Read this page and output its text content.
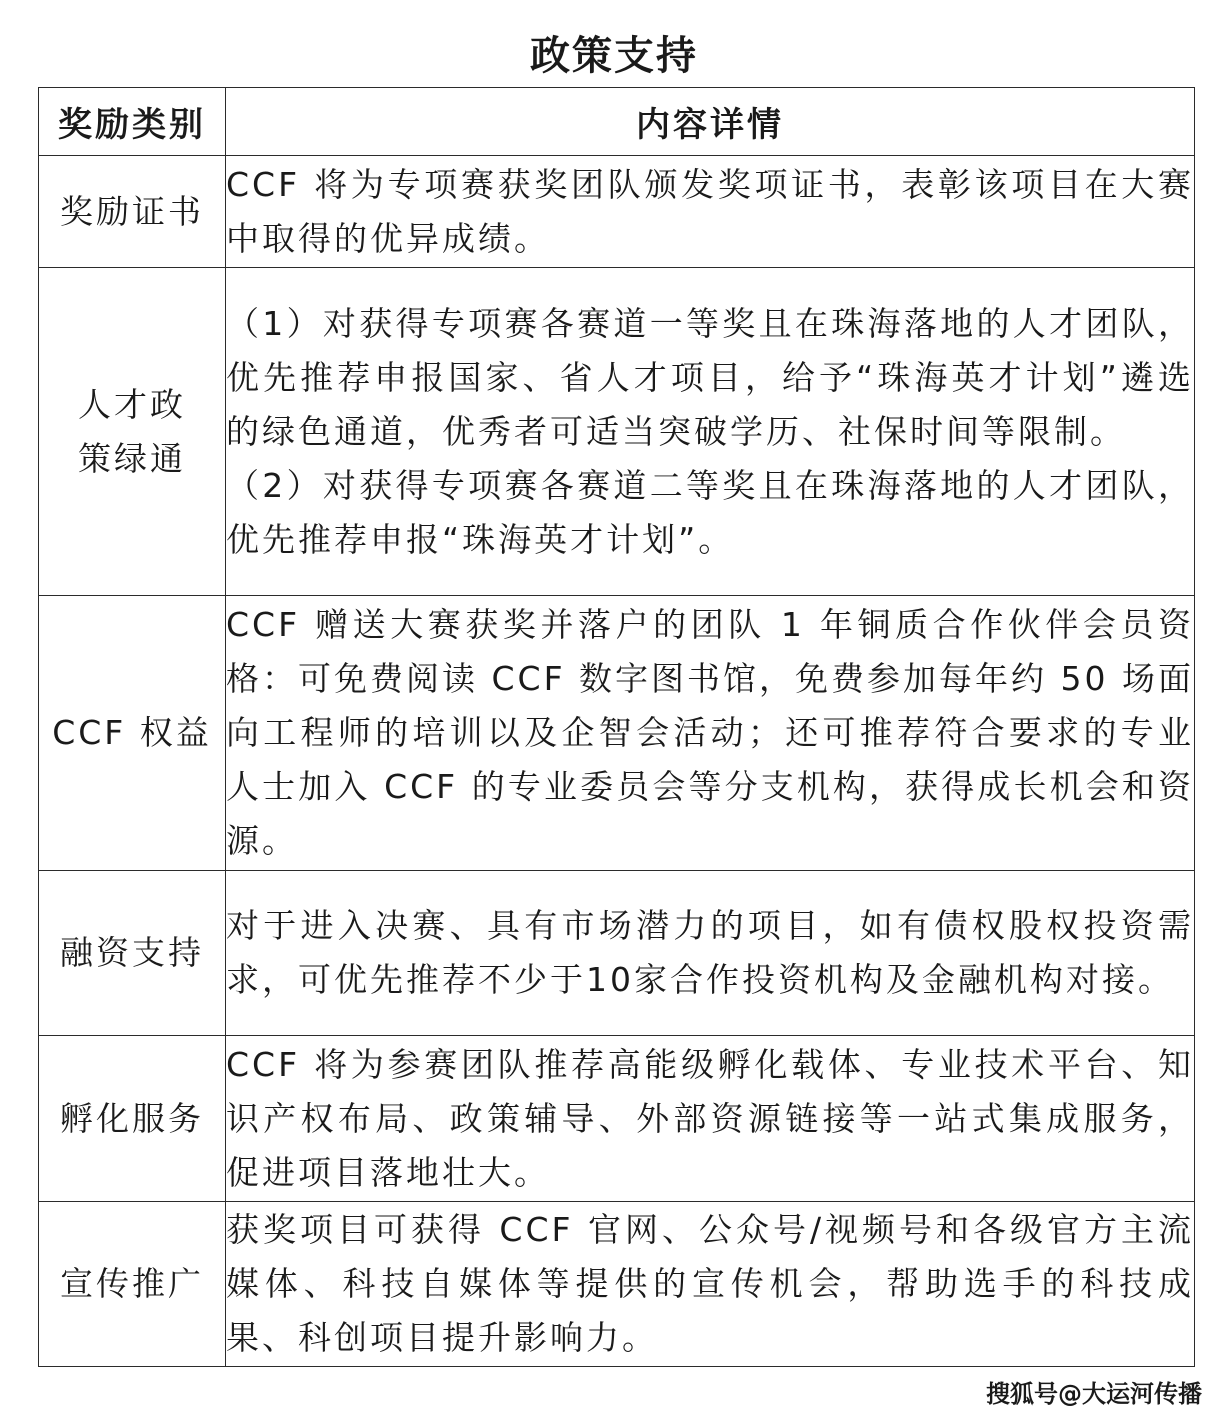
政策支持
奖励类别	内容详情
奖励证书	CCF 将为专项赛获奖团队颁发奖项证书，表彰该项目在大赛中取得的优异成绩。

人才政策绿通	（1）对获得专项赛各赛道一等奖且在珠海落地的人才团队，优先推荐申报国家、省人才项目，给予“珠海英才计划”遴选的绿色通道，优秀者可适当突破学历、社保时间等限制。

（2）对获得专项赛各赛道二等奖且在珠海落地的人才团队，优先推荐申报“珠海英才计划”。

CCF 权益	CCF 赠送大赛获奖并落户的团队 1 年铜质合作伙伴会员资格：可免费阅读 CCF 数字图书馆，免费参加每年约 50 场面向工程师的培训以及企智会活动；还可推荐符合要求的专业人士加入 CCF 的专业委员会等分支机构，获得成长机会和资源。

融资支持	对于进入决赛、具有市场潜力的项目，如有债权股权投资需求，可优先推荐不少于10家合作投资机构及金融机构对接。

孵化服务	CCF 将为参赛团队推荐高能级孵化载体、专业技术平台、知识产权布局、政策辅导、外部资源链接等一站式集成服务，促进项目落地壮大。

宣传推广	获奖项目可获得 CCF 官网、公众号/视频号和各级官方主流媒体、科技自媒体等提供的宣传机会，帮助选手的科技成果、科创项目提升影响力。

搜狐号@大运河传播
